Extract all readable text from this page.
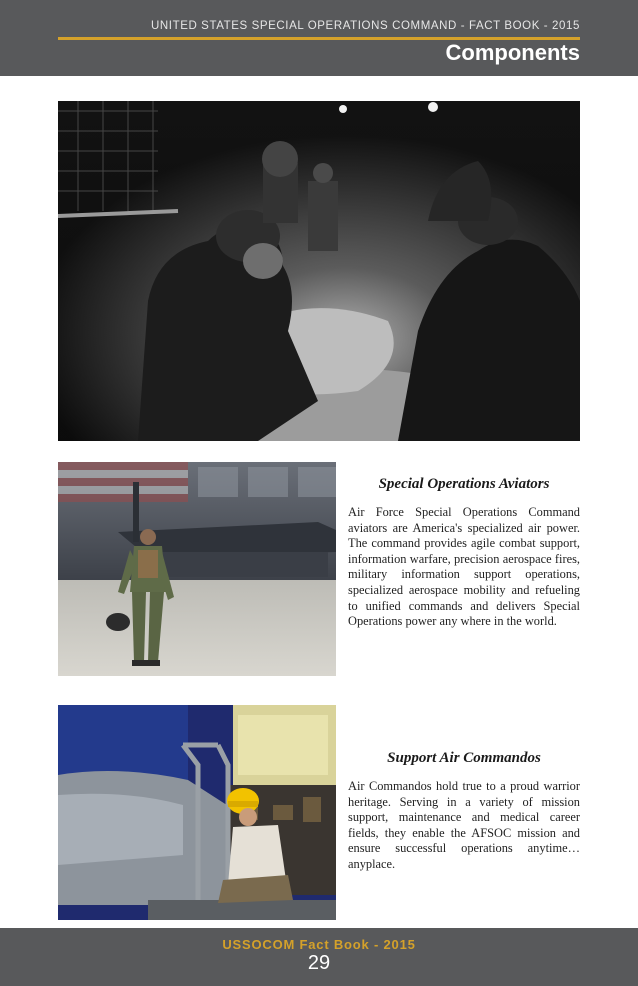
UNITED STATES SPECIAL OPERATIONS COMMAND - FACT BOOK - 2015
Components
Special Operations Aviators
Air Force Special Operations Command aviators are America's specialized air power. The command provides agile combat support, information warfare, precision aerospace fires, military information support operations, specialized aerospace mobility and refueling to unified commands and delivers Special Operations power any where in the world.
Support Air Commandos
Air Commandos hold true to a proud warrior heritage. Serving in a variety of mission support, maintenance and medical career fields, they enable the AFSOC mission and ensure successful operations anytime…anyplace.
USSOCOM Fact Book - 2015
29
